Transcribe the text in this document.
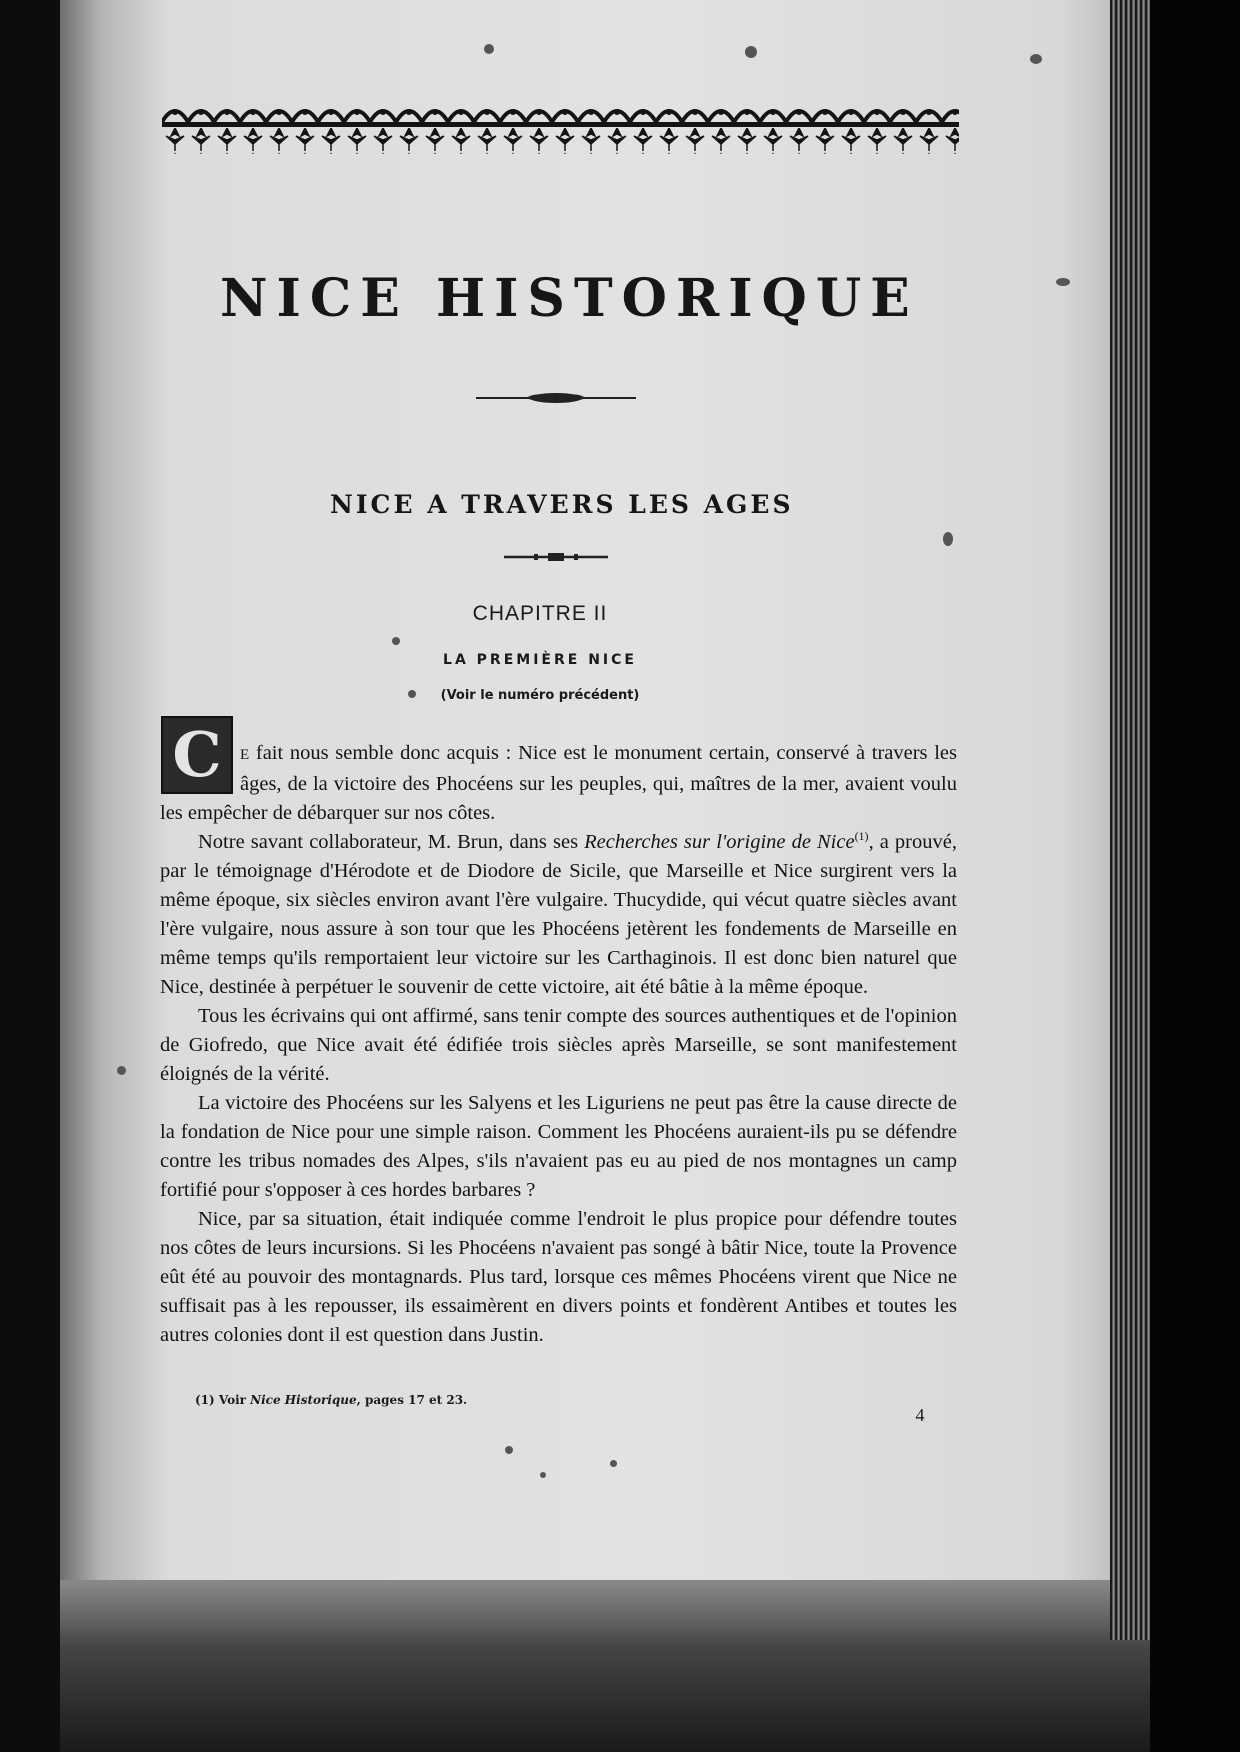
NICE HISTORIQUE
NICE A TRAVERS LES AGES
CHAPITRE II
LA PREMIÈRE NICE
(Voir le numéro précédent)
C	E fait nous semble donc acquis : Nice est le monument certain, conservé à travers les âges, de la victoire des Phocéens sur les peuples, qui, maîtres de la mer, avaient voulu les empêcher de débarquer sur nos côtes.

Notre savant collaborateur, M. Brun, dans ses Recherches sur l'origine de Nice$^{(1)}$, a prouvé, par le témoignage d'Hérodote et de Diodore de Sicile, que Marseille et Nice surgirent vers la même époque, six siècles environ avant l'ère vulgaire. Thucydide, qui vécut quatre siècles avant l'ère vulgaire, nous assure à son tour que les Phocéens jetèrent les fondements de Marseille en même temps qu'ils remportaient leur victoire sur les Carthaginois. Il est donc bien naturel que Nice, destinée à perpétuer le souvenir de cette victoire, ait été bâtie à la même époque.

Tous les écrivains qui ont affirmé, sans tenir compte des sources authentiques et de l'opinion de Giofredo, que Nice avait été édifiée trois siècles après Marseille, se sont manifestement éloignés de la vérité.

La victoire des Phocéens sur les Salyens et les Liguriens ne peut pas être la cause directe de la fondation de Nice pour une simple raison. Comment les Phocéens auraient-ils pu se défendre contre les tribus nomades des Alpes, s'ils n'avaient pas eu au pied de nos montagnes un camp fortifié pour s'opposer à ces hordes barbares ?

Nice, par sa situation, était indiquée comme l'endroit le plus propice pour défendre toutes nos côtes de leurs incursions. Si les Phocéens n'avaient pas songé à bâtir Nice, toute la Provence eût été au pouvoir des montagnards. Plus tard, lorsque ces mêmes Phocéens virent que Nice ne suffisait pas à les repousser, ils essaimèrent en divers points et fondèrent Antibes et toutes les autres colonies dont il est question dans Justin.

(1) Voir Nice Historique, pages 17 et 23.
4
